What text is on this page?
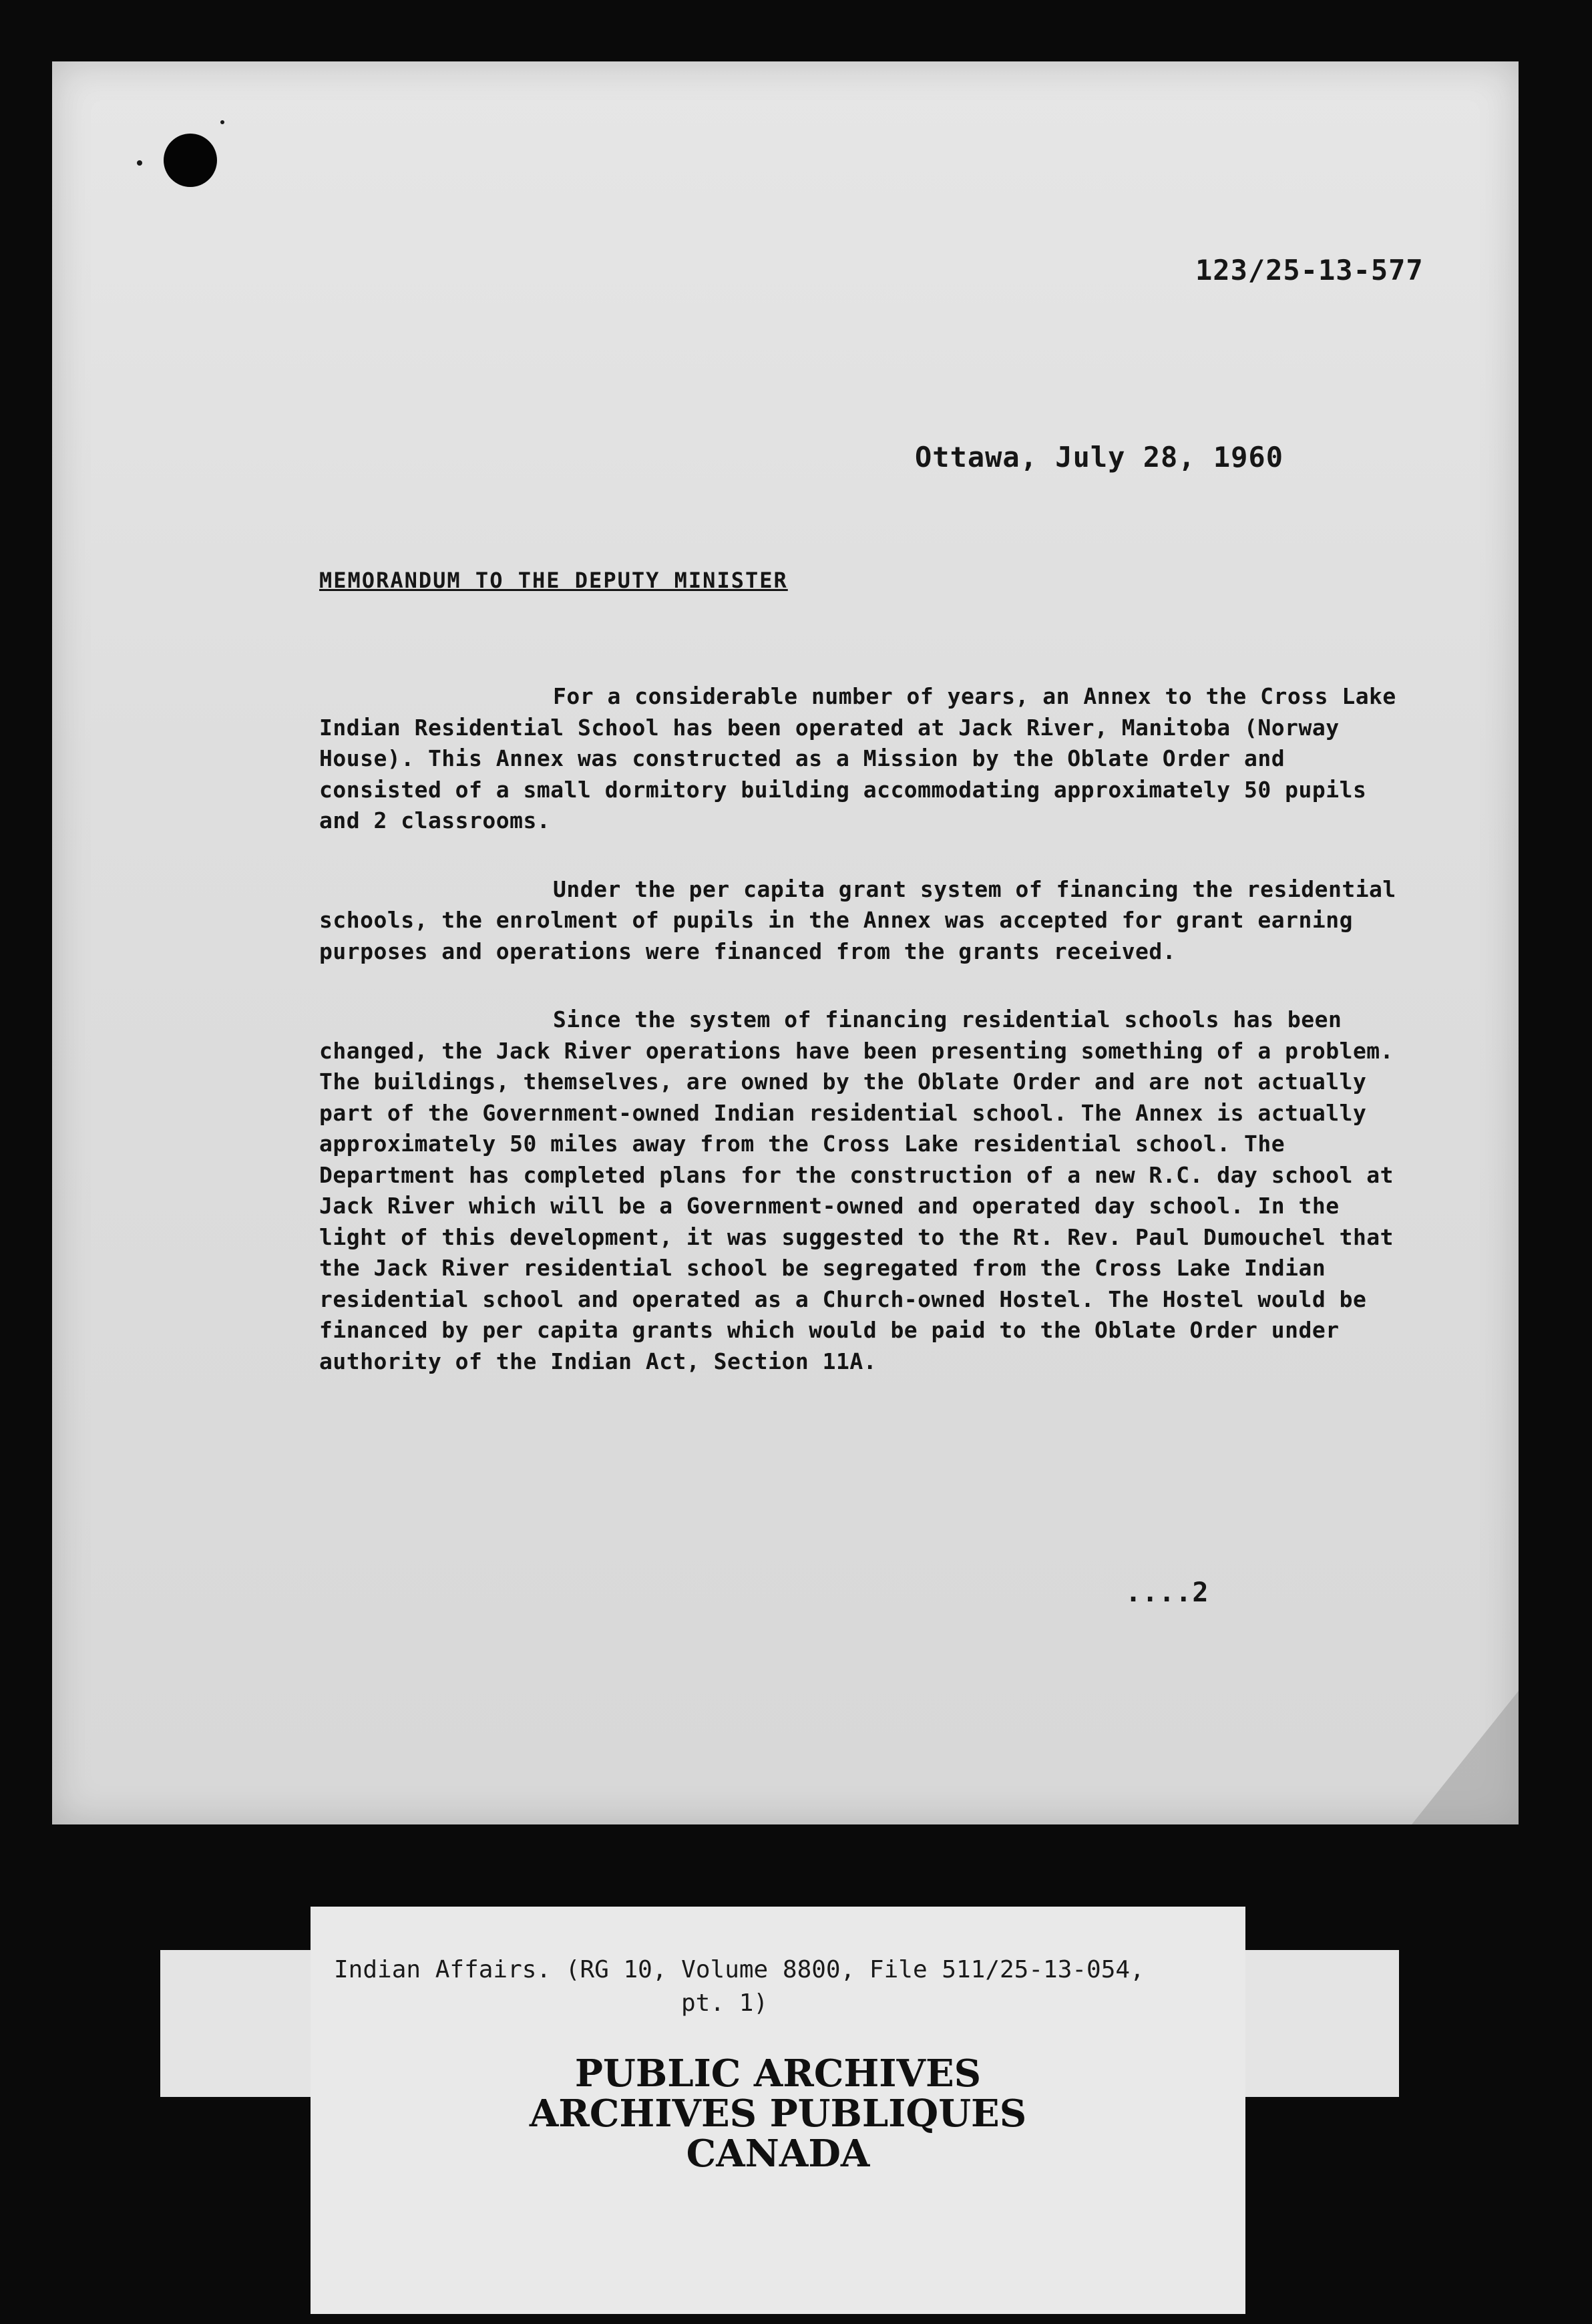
123/25-13-577
Ottawa, July 28, 1960
MEMORANDUM TO THE DEPUTY MINISTER

For a considerable number of years, an Annex to the Cross Lake Indian Residential School has been operated at Jack River, Manitoba (Norway House). This Annex was constructed as a Mission by the Oblate Order and consisted of a small dormitory building accommodating approximately 50 pupils and 2 classrooms.

Under the per capita grant system of financing the residential schools, the enrolment of pupils in the Annex was accepted for grant earning purposes and operations were financed from the grants received.

Since the system of financing residential schools has been changed, the Jack River operations have been presenting something of a problem. The buildings, themselves, are owned by the Oblate Order and are not actually part of the Government-owned Indian residential school. The Annex is actually approximately 50 miles away from the Cross Lake residential school. The Department has completed plans for the construction of a new R.C. day school at Jack River which will be a Government-owned and operated day school. In the light of this development, it was suggested to the Rt. Rev. Paul Dumouchel that the Jack River residential school be segregated from the Cross Lake Indian residential school and operated as a Church-owned Hostel. The Hostel would be financed by per capita grants which would be paid to the Oblate Order under authority of the Indian Act, Section 11A.

....2
Indian Affairs. (RG 10, Volume 8800, File 511/25-13-054,
pt. 1)
PUBLIC ARCHIVES
ARCHIVES PUBLIQUES
CANADA
